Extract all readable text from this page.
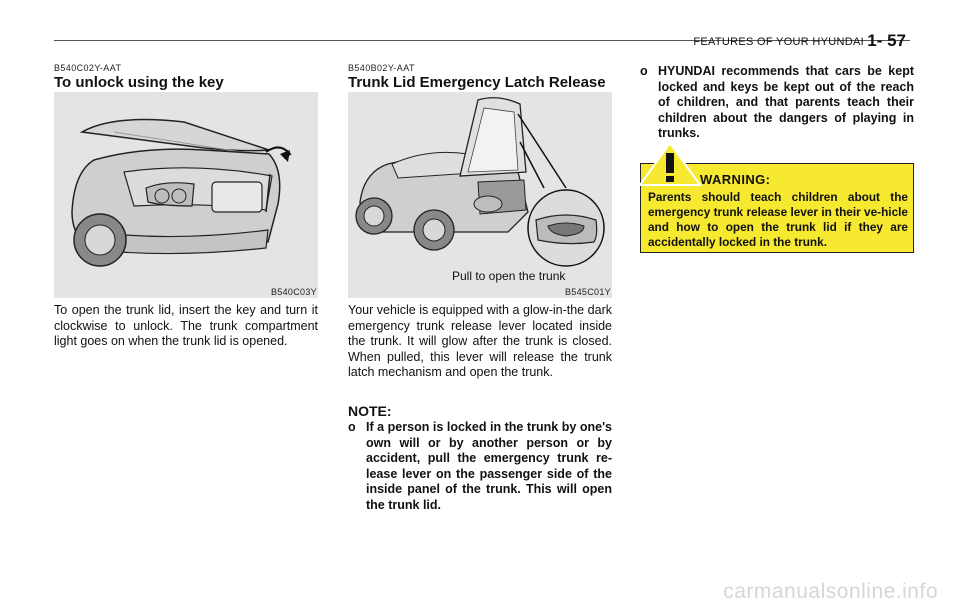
FEATURES OF YOUR HYUNDAI 1- 57
B540C02Y-AAT
To unlock using the key
B540C03Y

To open the trunk lid, insert the key and turn it clockwise to unlock. The trunk compartment light goes on when the trunk lid is opened.

B540B02Y-AAT
Trunk Lid Emergency Latch Release
Pull to open the trunk
B545C01Y

Your vehicle is equipped with a glow-in-the dark emergency trunk release lever located inside the trunk. It will glow after the trunk is closed. When pulled, this lever will release the trunk latch mechanism and open the trunk.

NOTE:
o If a person is locked in the trunk by one's own will or by another person or by accident, pull the emergency trunk re-lease lever on the passenger side of the inside panel of the trunk. This will open the trunk lid.
o HYUNDAI recommends that cars be kept locked and keys be kept out of the reach of children, and that parents teach their children about the dangers of playing in trunks.
WARNING:

Parents should teach children about the emergency trunk release lever in their ve-hicle and how to open the trunk lid if they are accidentally locked in the trunk.

carmanualsonline.info
